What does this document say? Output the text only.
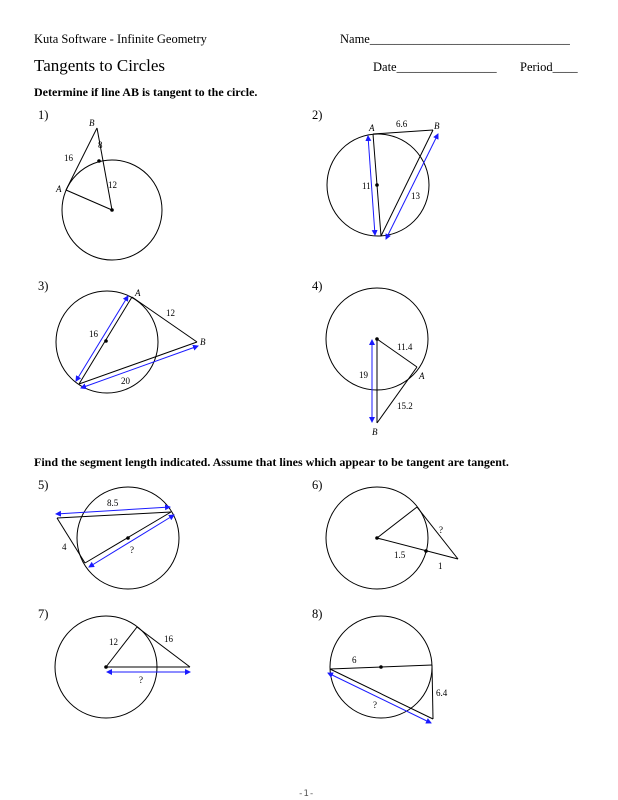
Kuta Software - Infinite Geometry	Name________________________________
Tangents to Circles	Date________________ Period____
Determine if line AB is tangent to the circle.
Find the segment length indicated. Assume that lines which appear to be tangent are tangent.
1)	2)
3)	4)
5)	6)
7)	8)
B
A
16
8
12
A	B
6.6
11
13
A
B
12
16
20	A
B
11.4
19
15.2
8.5
4	?
?
1.5
1
12	16
?
6
6.4
?
-1-
